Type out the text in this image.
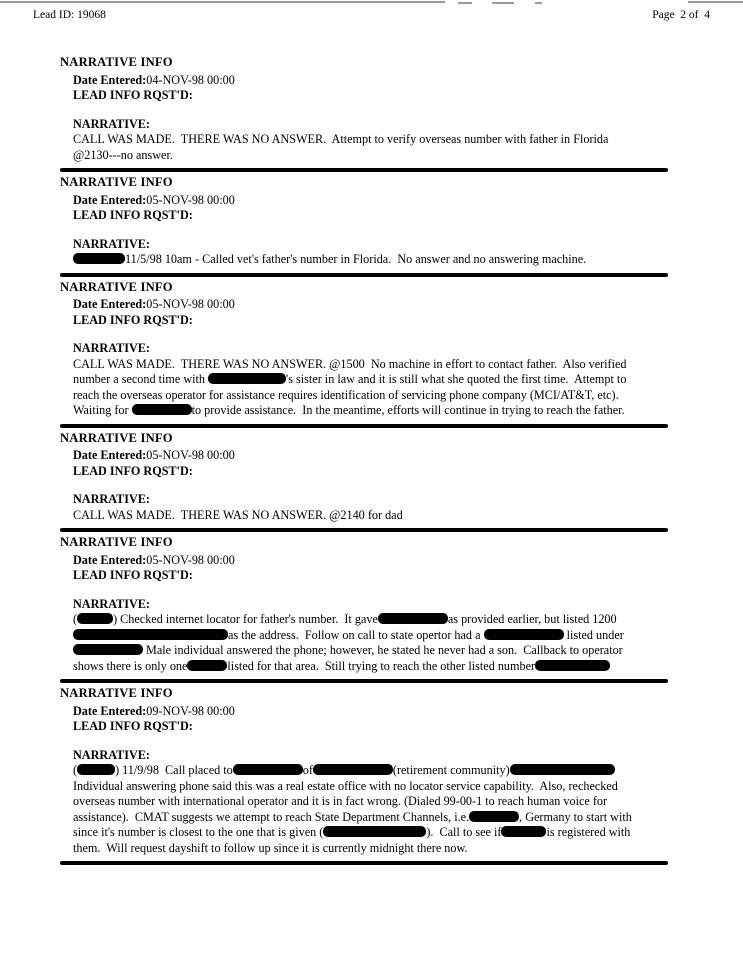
Lead ID: 19068	Page  2 of  4
NARRATIVE INFO
Date Entered:04-NOV-98 00:00
LEAD INFO RQST'D:
NARRATIVE:
CALL WAS MADE.  THERE WAS NO ANSWER.  Attempt to verify overseas number with father in Florida
@2130---no answer.
NARRATIVE INFO
Date Entered:05-NOV-98 00:00
LEAD INFO RQST'D:
NARRATIVE:
11/5/98 10am - Called vet's father's number in Florida.  No answer and no answering machine.
NARRATIVE INFO
Date Entered:05-NOV-98 00:00
LEAD INFO RQST'D:
NARRATIVE:
CALL WAS MADE.  THERE WAS NO ANSWER. @1500  No machine in effort to contact father.  Also verified
number a second time with	's sister in law and it is still what she quoted the first time.  Attempt to
reach the overseas operator for assistance requires identification of servicing phone company (MCI/AT&T, etc).
Waiting for	to provide assistance.  In the meantime, efforts will continue in trying to reach the father.
NARRATIVE INFO
Date Entered:05-NOV-98 00:00
LEAD INFO RQST'D:
NARRATIVE:
CALL WAS MADE.  THERE WAS NO ANSWER. @2140 for dad
NARRATIVE INFO
Date Entered:05-NOV-98 00:00
LEAD INFO RQST'D:
NARRATIVE:
(	) Checked internet locator for father's number.  It gave	as provided earlier, but listed 1200
as the address.  Follow on call to state opertor had a	listed under
Male individual answered the phone; however, he stated he never had a son.  Callback to operator
shows there is only one	listed for that area.  Still trying to reach the other listed number
NARRATIVE INFO
Date Entered:09-NOV-98 00:00
LEAD INFO RQST'D:
NARRATIVE:
(	) 11/9/98  Call placed to	of	(retirement community)
Individual answering phone said this was a real estate office with no locator service capability.  Also, rechecked
overseas number with international operator and it is in fact wrong. (Dialed 99-00-1 to reach human voice for
assistance).  CMAT suggests we attempt to reach State Department Channels, i.e.	, Germany to start with
since it's number is closest to the one that is given (	).  Call to see if	is registered with
them.  Will request dayshift to follow up since it is currently midnight there now.
